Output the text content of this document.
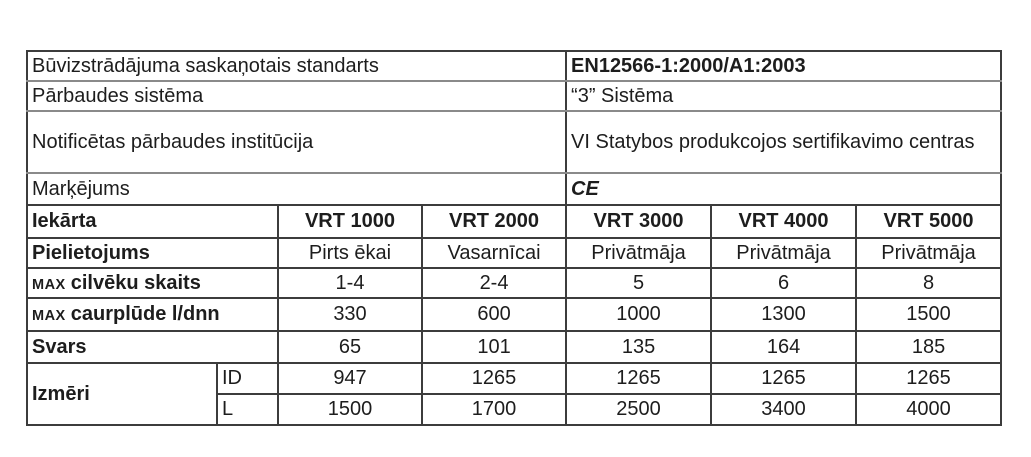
Būvizstrādājuma saskaņotais standarts				EN12566-1:2000/A1:2003		
Pārbaudes sistēma				“3” Sistēma		
Notificētas pārbaudes institūcija				VI Statybos produkcojos sertifikavimo centras		
Marķējums				CE		
Iekārta		VRT 1000	VRT 2000	VRT 3000	VRT 4000	VRT 5000
Pielietojums		Pirts ēkai	Vasarnīcai	Privātmāja	Privātmāja	Privātmāja
MAX cilvēku skaits		1-4	2-4	5	6	8
MAX caurplūde l/dnn		330	600	1000	1300	1500
Svars		65	101	135	164	185
Izmēri	ID	947	1265	1265	1265	1265
	L	1500	1700	2500	3400	4000
